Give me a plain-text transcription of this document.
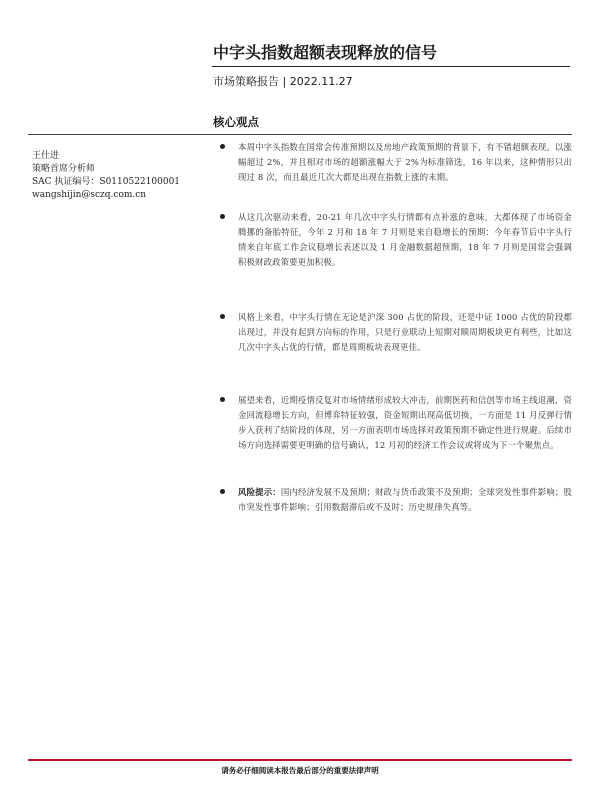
中字头指数超额表现释放的信号
市场策略报告 | 2022.11.27
核心观点
王仕进
策略首席分析师
SAC 执证编号：S0110522100001
wangshijin@sczq.com.cn
本周中字头指数在国常会传准预期以及房地产政策预期的背景下，有不错超额表现。以涨幅超过 2%，并且相对市场的超额涨幅大于 2%为标准筛选，16 年以来，这种情形只出现过 8 次，而且最近几次大都是出现在指数上涨的末期。
从这几次驱动来看，20-21 年几次中字头行情都有点补涨的意味，大都体现了市场资金腾挪的备胎特征，今年 2 月和 18 年 7 月则是来自稳增长的预期：今年春节后中字头行情来自年底工作会议稳增长表述以及 1 月金融数据超预期，18 年 7 月则是国常会强调积极财政政策要更加积极。
风格上来看，中字头行情在无论是沪深 300 占优的阶段，还是中证 1000 占优的阶段都出现过，并没有起到方向标的作用，只是行业联动上短期对顺周期板块更有利些，比如这几次中字头占优的行情，都是周期板块表现更佳。
展望来看，近期疫情反复对市场情绪形成较大冲击，前期医药和信创等市场主线退潮，资金回流稳增长方向，但博弈特征较强，资金短期出现高低切换，一方面是 11 月反弹行情步入获利了结阶段的体现，另一方面表明市场选择对政策预期不确定性进行规避。后续市场方向选择需要更明确的信号确认，12 月初的经济工作会议或将成为下一个聚焦点。
风险提示：国内经济发展不及预期；财政与货币政策不及预期；全球突发性事件影响；股市突发性事件影响；引用数据滞后或不及时；历史规律失真等。
请务必仔细阅读本报告最后部分的重要法律声明
